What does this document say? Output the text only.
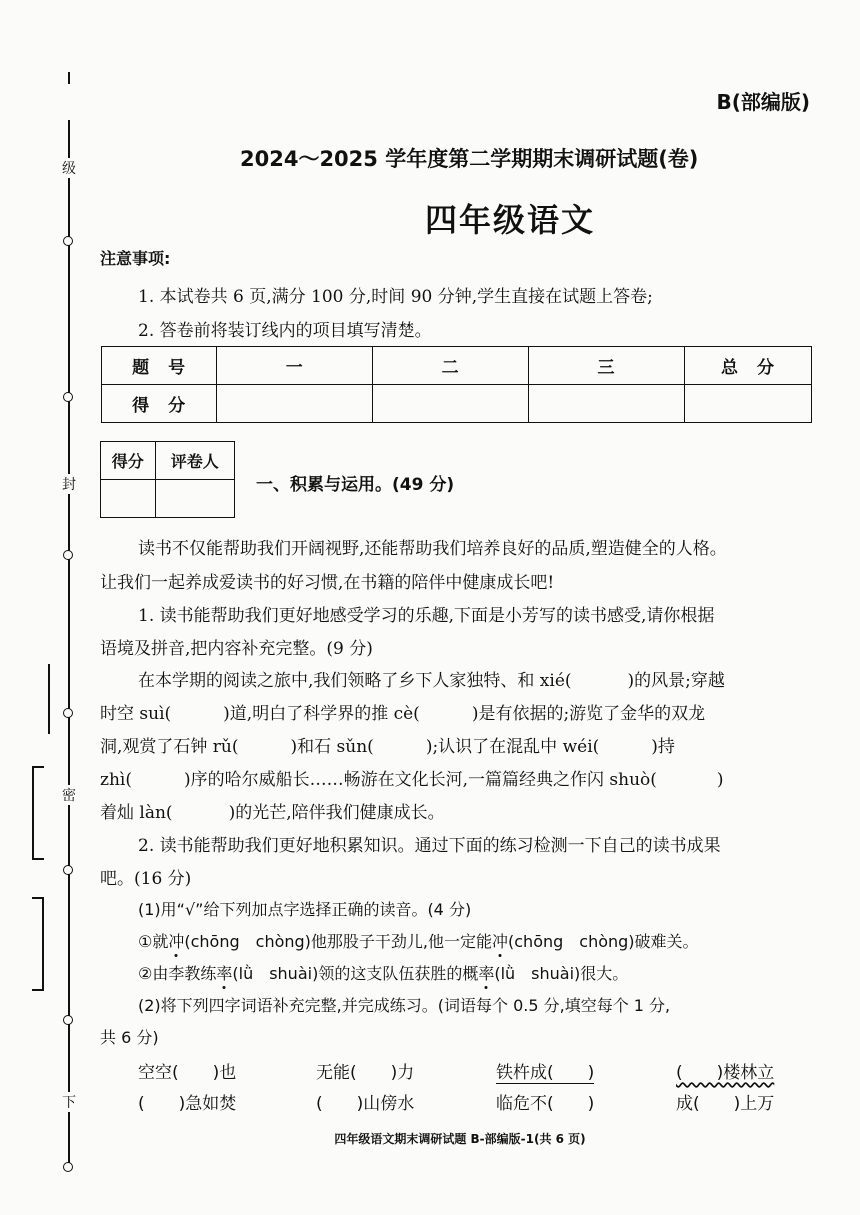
级
封
密
下
B(部编版)
2024～2025 学年度第二学期期末调研试题(卷)
四年级语文
注意事项:
1. 本试卷共 6 页,满分 100 分,时间 90 分钟,学生直接在试题上答卷;
2. 答卷前将装订线内的项目填写清楚。
题　号	一	二	三	总　分
得　分				
得分	评卷人

一、积累与运用。(49 分)
读书不仅能帮助我们开阔视野,还能帮助我们培养良好的品质,塑造健全的人格。
让我们一起养成爱读书的好习惯,在书籍的陪伴中健康成长吧!
1. 读书能帮助我们更好地感受学习的乐趣,下面是小芳写的读书感受,请你根据
语境及拼音,把内容补充完整。(9 分)
在本学期的阅读之旅中,我们领略了乡下人家独特、和 xié(	)的风景;穿越
时空 suì(	)道,明白了科学界的推 cè(	)是有依据的;游览了金华的双龙
洞,观赏了石钟 rǔ(	)和石 sǔn(	);认识了在混乱中 wéi(	)持
zhì(	)序的哈尔威船长……畅游在文化长河,一篇篇经典之作闪 shuò(	)
着灿 làn(	)的光芒,陪伴我们健康成长。
2. 读书能帮助我们更好地积累知识。通过下面的练习检测一下自己的读书成果
吧。(16 分)
(1)用“√”给下列加点字选择正确的读音。(4 分)
①就冲(chōng　chòng)他那股子干劲儿,他一定能冲(chōng　chòng)破难关。
②由李教练率(lǜ　shuài)领的这支队伍获胜的概率(lǜ　shuài)很大。
(2)将下列四字词语补充完整,并完成练习。(词语每个 0.5 分,填空每个 1 分,
共 6 分)
空空(　　)也	无能(　　)力	铁杵成(　　)	(　　)楼林立
(　　)急如焚	(　　)山傍水	临危不(　　)	成(　　)上万
四年级语文期末调研试题 B-部编版-1(共 6 页)
